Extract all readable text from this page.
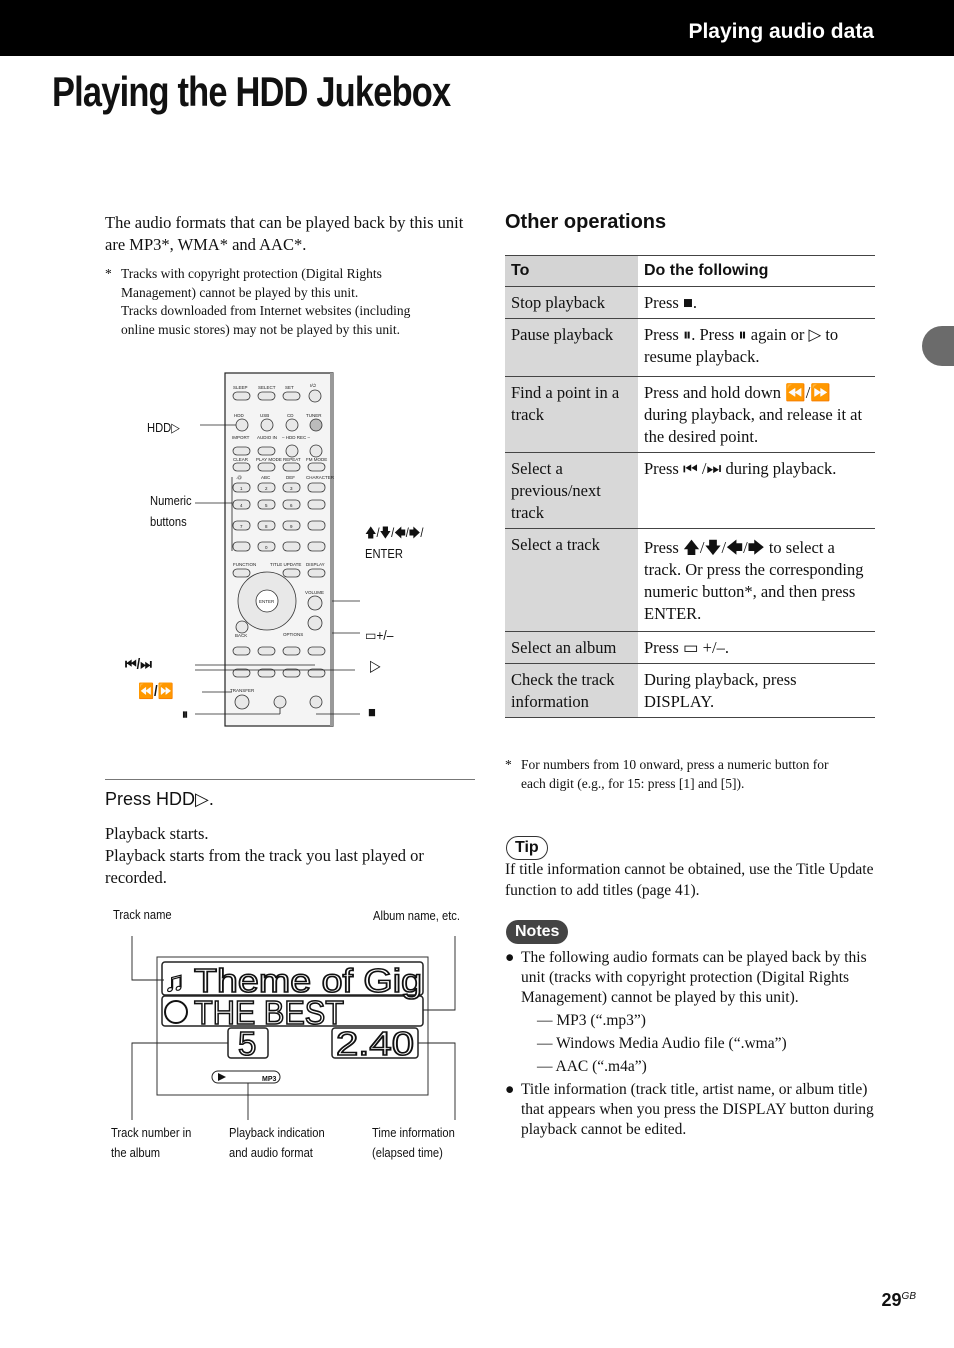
Playing audio data
Playing the HDD Jukebox
The audio formats that can be played back by this unit are MP3*, WMA* and AAC*.
* Tracks with copyright protection (Digital Rights
Management) cannot be played by this unit.
Tracks downloaded from Internet websites (including
online music stores) may not be played by this unit.
SLEEP SELECT SET	I/⏻
HDD	USB	CD	TUNER
IMPORT AUDIO IN – HDD REC –
CLEAR PLAY MODE REPEAT FM MODE
.@	ABC	DEF CHARACTER
FUNCTION	TITLE UPDATE DISPLAY
VOLUME
BACK	OPTIONS
ENTER
TRANSFER
1	2	3
4	5	6
7	8	9
0
HDD▷
Numeric
buttons
🡅/🡇/🡄/🡆/
ENTER
▭+/–
⏮/⏭	▷
⏪/⏩
⏸	■
Press HDD▷.
Playback starts.
Playback starts from the track you last played or
recorded.
Track name	Album name, etc.
♫ Theme of Gig
THE BEST
5 2.40
MP3
Track number in
the album
Playback indication
and audio format
Time information
(elapsed time)
Other operations
To	Do the following
Stop playback	Press ■.
Pause playback	Press ⏸. Press ⏸ again or ▷ to resume playback.
Find a point in a track	Press and hold down ⏪/⏩ during playback, and release it at the desired point.
Select a previous/next track	Press ⏮ /⏭ during playback.
Select a track	Press 🡅/🡇/🡄/🡆 to select a track. Or press the corresponding numeric button*, and then press ENTER.
Select an album	Press ▭ +/–.
Check the track information	During playback, press DISPLAY.
* For numbers from 10 onward, press a numeric button for
each digit (e.g., for 15: press [1] and [5]).
Tip
If title information cannot be obtained, use the Title Update function to add titles (page 41).
Notes
● The following audio formats can be played back by this unit (tracks with copyright protection (Digital Rights Management) cannot be played by this unit).
— MP3 (“.mp3”)
— Windows Media Audio file (“.wma”)
— AAC (“.m4a”)
● Title information (track title, artist name, or album title) that appears when you press the DISPLAY button during playback cannot be edited.
$29^{GB}$
